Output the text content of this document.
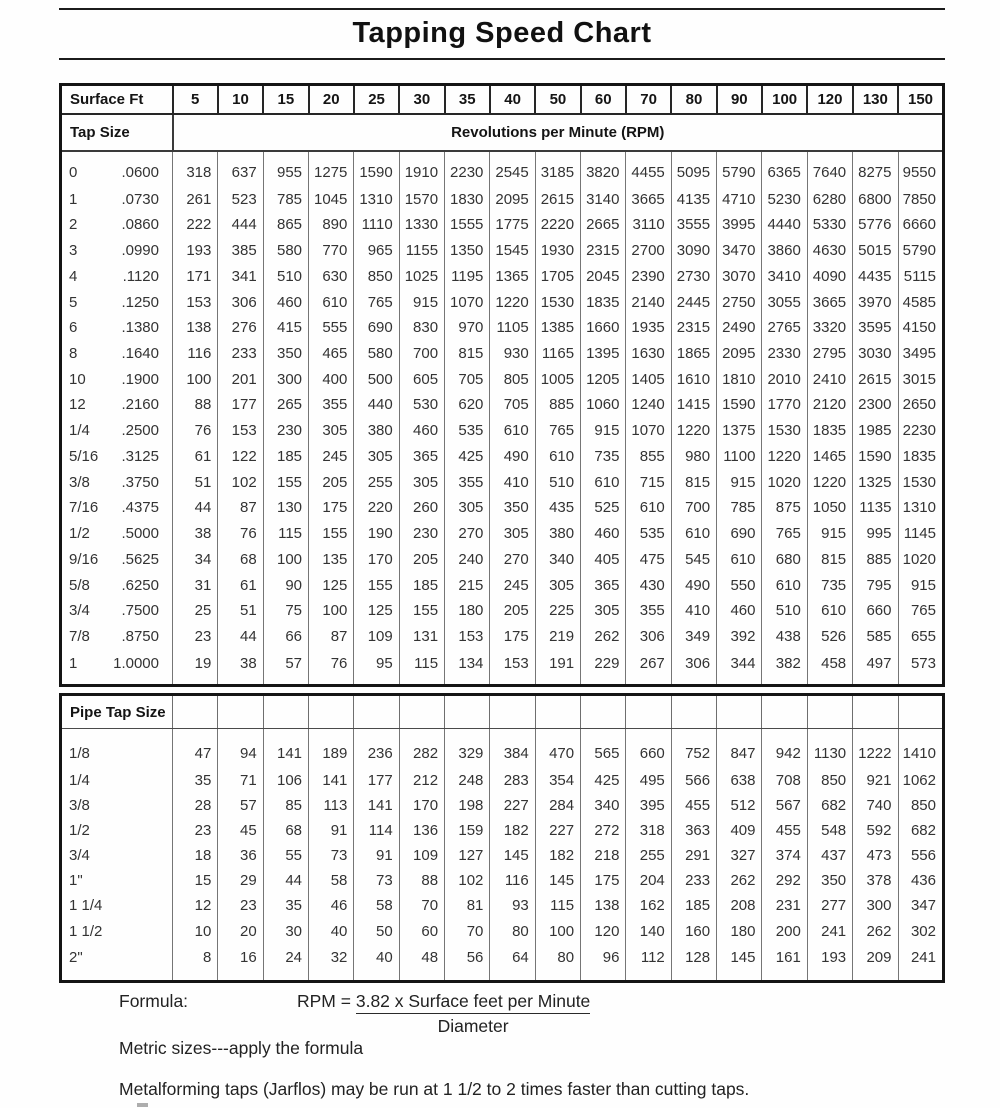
Tapping Speed Chart
Surface Ft	5	10	15	20	25	30	35	40	50	60	70	80	90	100	120	130	150
Tap Size	Revolutions per Minute (RPM)																

0 .0600	318	637	955	1275	1590	1910	2230	2545	3185	3820	4455	5095	5790	6365	7640	8275	9550

1 .0730	261	523	785	1045	1310	1570	1830	2095	2615	3140	3665	4135	4710	5230	6280	6800	7850

2 .0860	222	444	865	890	1110	1330	1555	1775	2220	2665	3110	3555	3995	4440	5330	5776	6660

3 .0990	193	385	580	770	965	1155	1350	1545	1930	2315	2700	3090	3470	3860	4630	5015	5790

4 .1120	171	341	510	630	850	1025	1195	1365	1705	2045	2390	2730	3070	3410	4090	4435	5115

5 .1250	153	306	460	610	765	915	1070	1220	1530	1835	2140	2445	2750	3055	3665	3970	4585

6 .1380	138	276	415	555	690	830	970	1105	1385	1660	1935	2315	2490	2765	3320	3595	4150

8 .1640	116	233	350	465	580	700	815	930	1165	1395	1630	1865	2095	2330	2795	3030	3495

10 .1900	100	201	300	400	500	605	705	805	1005	1205	1405	1610	1810	2010	2410	2615	3015

12 .2160	88	177	265	355	440	530	620	705	885	1060	1240	1415	1590	1770	2120	2300	2650

1/4 .2500	76	153	230	305	380	460	535	610	765	915	1070	1220	1375	1530	1835	1985	2230

5/16 .3125	61	122	185	245	305	365	425	490	610	735	855	980	1100	1220	1465	1590	1835

3/8 .3750	51	102	155	205	255	305	355	410	510	610	715	815	915	1020	1220	1325	1530

7/16 .4375	44	87	130	175	220	260	305	350	435	525	610	700	785	875	1050	1135	1310

1/2 .5000	38	76	115	155	190	230	270	305	380	460	535	610	690	765	915	995	1145

9/16 .5625	34	68	100	135	170	205	240	270	340	405	475	545	610	680	815	885	1020

5/8 .6250	31	61	90	125	155	185	215	245	305	365	430	490	550	610	735	795	915

3/4 .7500	25	51	75	100	125	155	180	205	225	305	355	410	460	510	610	660	765

7/8 .8750	23	44	66	87	109	131	153	175	219	262	306	349	392	438	526	585	655

1 1.0000	19	38	57	76	95	115	134	153	191	229	267	306	344	382	458	497	573
Pipe Tap Size																	

1/8	47	94	141	189	236	282	329	384	470	565	660	752	847	942	1130	1222	1410

1/4	35	71	106	141	177	212	248	283	354	425	495	566	638	708	850	921	1062

3/8	28	57	85	113	141	170	198	227	284	340	395	455	512	567	682	740	850

1/2	23	45	68	91	114	136	159	182	227	272	318	363	409	455	548	592	682

3/4	18	36	55	73	91	109	127	145	182	218	255	291	327	374	437	473	556

1"	15	29	44	58	73	88	102	116	145	175	204	233	262	292	350	378	436

1 1/4	12	23	35	46	58	70	81	93	115	138	162	185	208	231	277	300	347

1 1/2	10	20	30	40	50	60	70	80	100	120	140	160	180	200	241	262	302

2"	8	16	24	32	40	48	56	64	80	96	112	128	145	161	193	209	241
Formula:	RPM = $\frac{\text{3.82 x Surface feet per Minute}}{\text{Diameter}}$
Metric sizes---apply the formula
Metalforming taps (Jarflos) may be run at 1 1/2 to 2 times faster than cutting taps.
